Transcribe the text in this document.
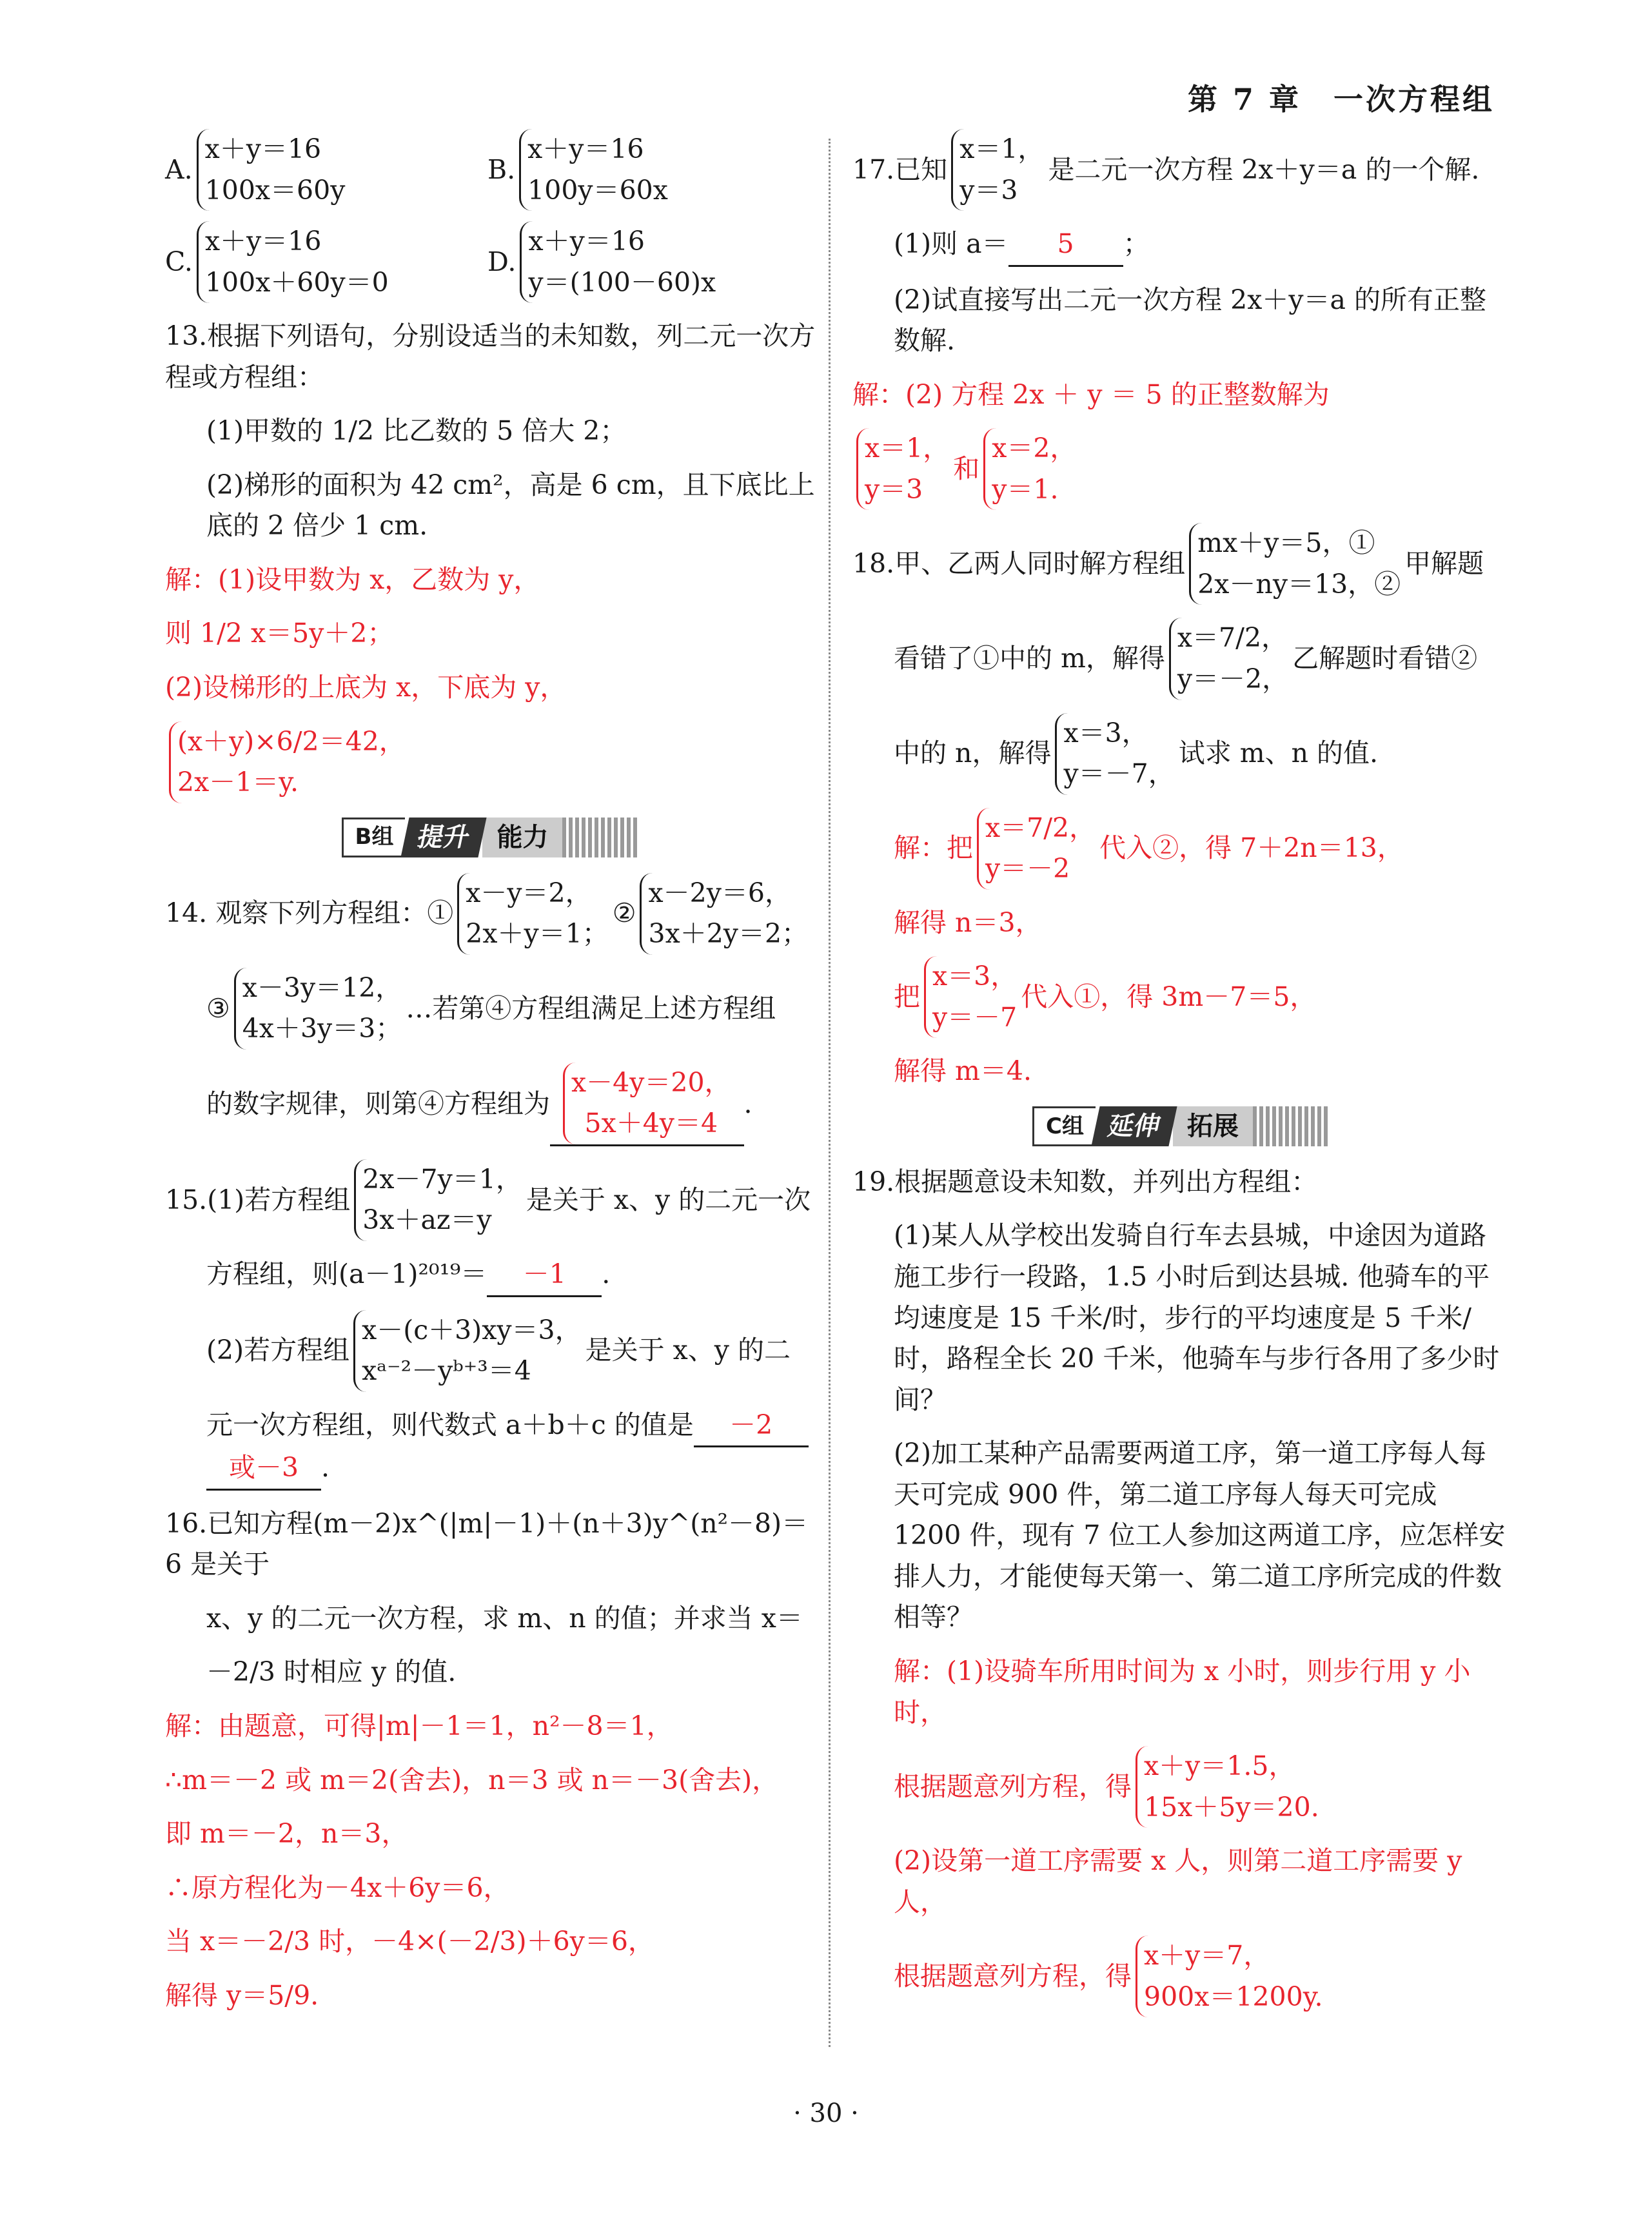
第 7 章　一次方程组
A.
x＋y＝16
100x＝60y
B.
x＋y＝16
100y＝60x
C.
x＋y＝16
100x＋60y＝0
D.
x＋y＝16
y＝(100－60)x

13.根据下列语句，分别设适当的未知数，列二元一次方程或方程组：

(1)甲数的 1/2 比乙数的 5 倍大 2；

(2)梯形的面积为 42 cm²，高是 6 cm，且下底比上底的 2 倍少 1 cm.

解：(1)设甲数为 x，乙数为 y，

则 1/2 x＝5y＋2；

(2)设梯形的上底为 x，下底为 y，

(x＋y)×6/2＝42，
2x－1＝y.
B组 提升 能力
14. 观察下列方程组：①
x－y＝2，
2x＋y＝1；
②
x－2y＝6，
3x＋2y＝2；
③
x－3y＝12，
4x＋3y＝3；
…若第④方程组满足上述方程组
的数字规律，则第④方程组为
x－4y＝20，
5x＋4y＝4
.
15.(1)若方程组
2x－7y＝1，
3x＋az＝y
是关于 x、y 的二元一次

方程组，则(a－1)²⁰¹⁹＝ －1 .

(2)若方程组
x－(c＋3)xy＝3，
xᵃ⁻²－yᵇ⁺³＝4
是关于 x、y 的二

元一次方程组，则代数式 a＋b＋c 的值是 －2
或－3 .

16.已知方程(m－2)x^(|m|－1)＋(n＋3)y^(n²－8)＝6 是关于

x、y 的二元一次方程，求 m、n 的值；并求当 x＝

－2/3 时相应 y 的值.

解：由题意，可得|m|－1＝1，n²－8＝1，

∴m＝－2 或 m＝2(舍去)，n＝3 或 n＝－3(舍去)，

即 m＝－2，n＝3，

∴原方程化为－4x＋6y＝6，

当 x＝－2/3 时，－4×(－2/3)＋6y＝6，

解得 y＝5/9.

17.已知
x＝1，
y＝3
是二元一次方程 2x＋y＝a 的一个解.

(1)则 a＝ 5 ；

(2)试直接写出二元一次方程 2x＋y＝a 的所有正整数解.

解：(2) 方程 2x ＋ y ＝ 5 的正整数解为

x＝1，
y＝3
和
x＝2，
y＝1.
18.甲、乙两人同时解方程组
mx＋y＝5，①
2x－ny＝13，②
甲解题
看错了①中的 m，解得
x＝7/2，
y＝－2，
乙解题时看错②
中的 n，解得
x＝3，
y＝－7，
试求 m、n 的值.
解：把
x＝7/2，
y＝－2
代入②，得 7＋2n＝13，

解得 n＝3，

把
x＝3，
y＝－7
代入①，得 3m－7＝5，

解得 m＝4.

C组 延伸 拓展

19.根据题意设未知数，并列出方程组：

(1)某人从学校出发骑自行车去县城，中途因为道路施工步行一段路，1.5 小时后到达县城. 他骑车的平均速度是 15 千米/时，步行的平均速度是 5 千米/时，路程全长 20 千米，他骑车与步行各用了多少时间？

(2)加工某种产品需要两道工序，第一道工序每人每天可完成 900 件，第二道工序每人每天可完成 1200 件，现有 7 位工人参加这两道工序，应怎样安排人力，才能使每天第一、第二道工序所完成的件数相等？

解：(1)设骑车所用时间为 x 小时，则步行用 y 小时，

根据题意列方程，得
x＋y＝1.5，
15x＋5y＝20.

(2)设第一道工序需要 x 人，则第二道工序需要 y 人，

根据题意列方程，得
x＋y＝7，
900x＝1200y.
· 30 ·
